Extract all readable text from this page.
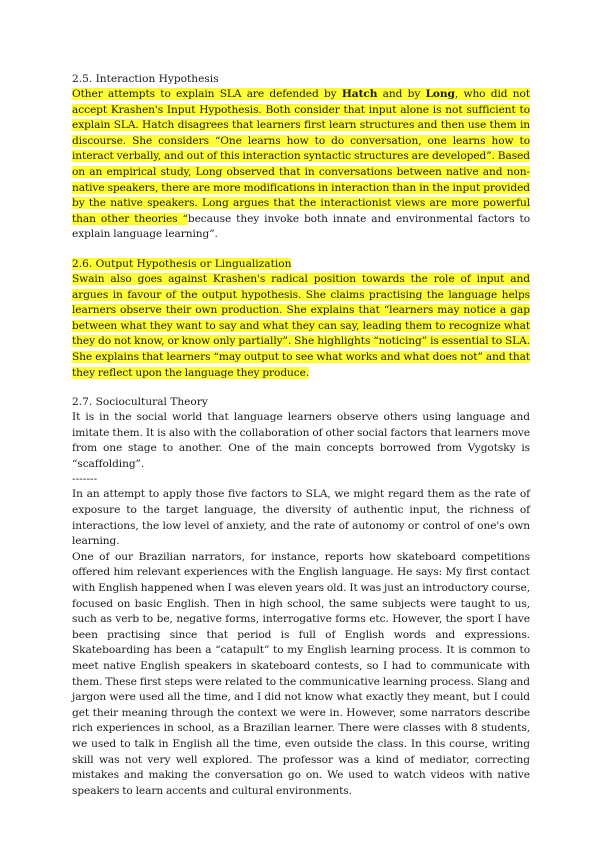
2.5. Interaction Hypothesis

Other attempts to explain SLA are defended by Hatch and by Long, who did not accept Krashen's Input Hypothesis. Both consider that input alone is not sufficient to explain SLA. Hatch disagrees that learners first learn structures and then use them in discourse. She considers “One learns how to do conversation, one learns how to interact verbally, and out of this interaction syntactic structures are developed”. Based on an empirical study, Long observed that in conversations between native and non-native speakers, there are more modifications in interaction than in the input provided by the native speakers. Long argues that the interactionist views are more powerful than other theories “because they invoke both innate and environmental factors to explain language learning”.

2.6. Output Hypothesis or Lingualization

Swain also goes against Krashen's radical position towards the role of input and argues in favour of the output hypothesis. She claims practising the language helps learners observe their own production. She explains that “learners may notice a gap between what they want to say and what they can say, leading them to recognize what they do not know, or know only partially”. She highlights “noticing” is essential to SLA. She explains that learners “may output to see what works and what does not” and that they reflect upon the language they produce.

2.7. Sociocultural Theory

It is in the social world that language learners observe others using language and imitate them. It is also with the collaboration of other social factors that learners move from one stage to another. One of the main concepts borrowed from Vygotsky is “scaffolding”.

-------

In an attempt to apply those five factors to SLA, we might regard them as the rate of exposure to the target language, the diversity of authentic input, the richness of interactions, the low level of anxiety, and the rate of autonomy or control of one's own learning.

One of our Brazilian narrators, for instance, reports how skateboard competitions offered him relevant experiences with the English language. He says: My first contact with English happened when I was eleven years old. It was just an introductory course, focused on basic English. Then in high school, the same subjects were taught to us, such as verb to be, negative forms, interrogative forms etc. However, the sport I have been practising since that period is full of English words and expressions. Skateboarding has been a “catapult” to my English learning process. It is common to meet native English speakers in skateboard contests, so I had to communicate with them. These first steps were related to the communicative learning process. Slang and jargon were used all the time, and I did not know what exactly they meant, but I could get their meaning through the context we were in. However, some narrators describe rich experiences in school, as a Brazilian learner. There were classes with 8 students, we used to talk in English all the time, even outside the class. In this course, writing skill was not very well explored. The professor was a kind of mediator, correcting mistakes and making the conversation go on. We used to watch videos with native speakers to learn accents and cultural environments.
